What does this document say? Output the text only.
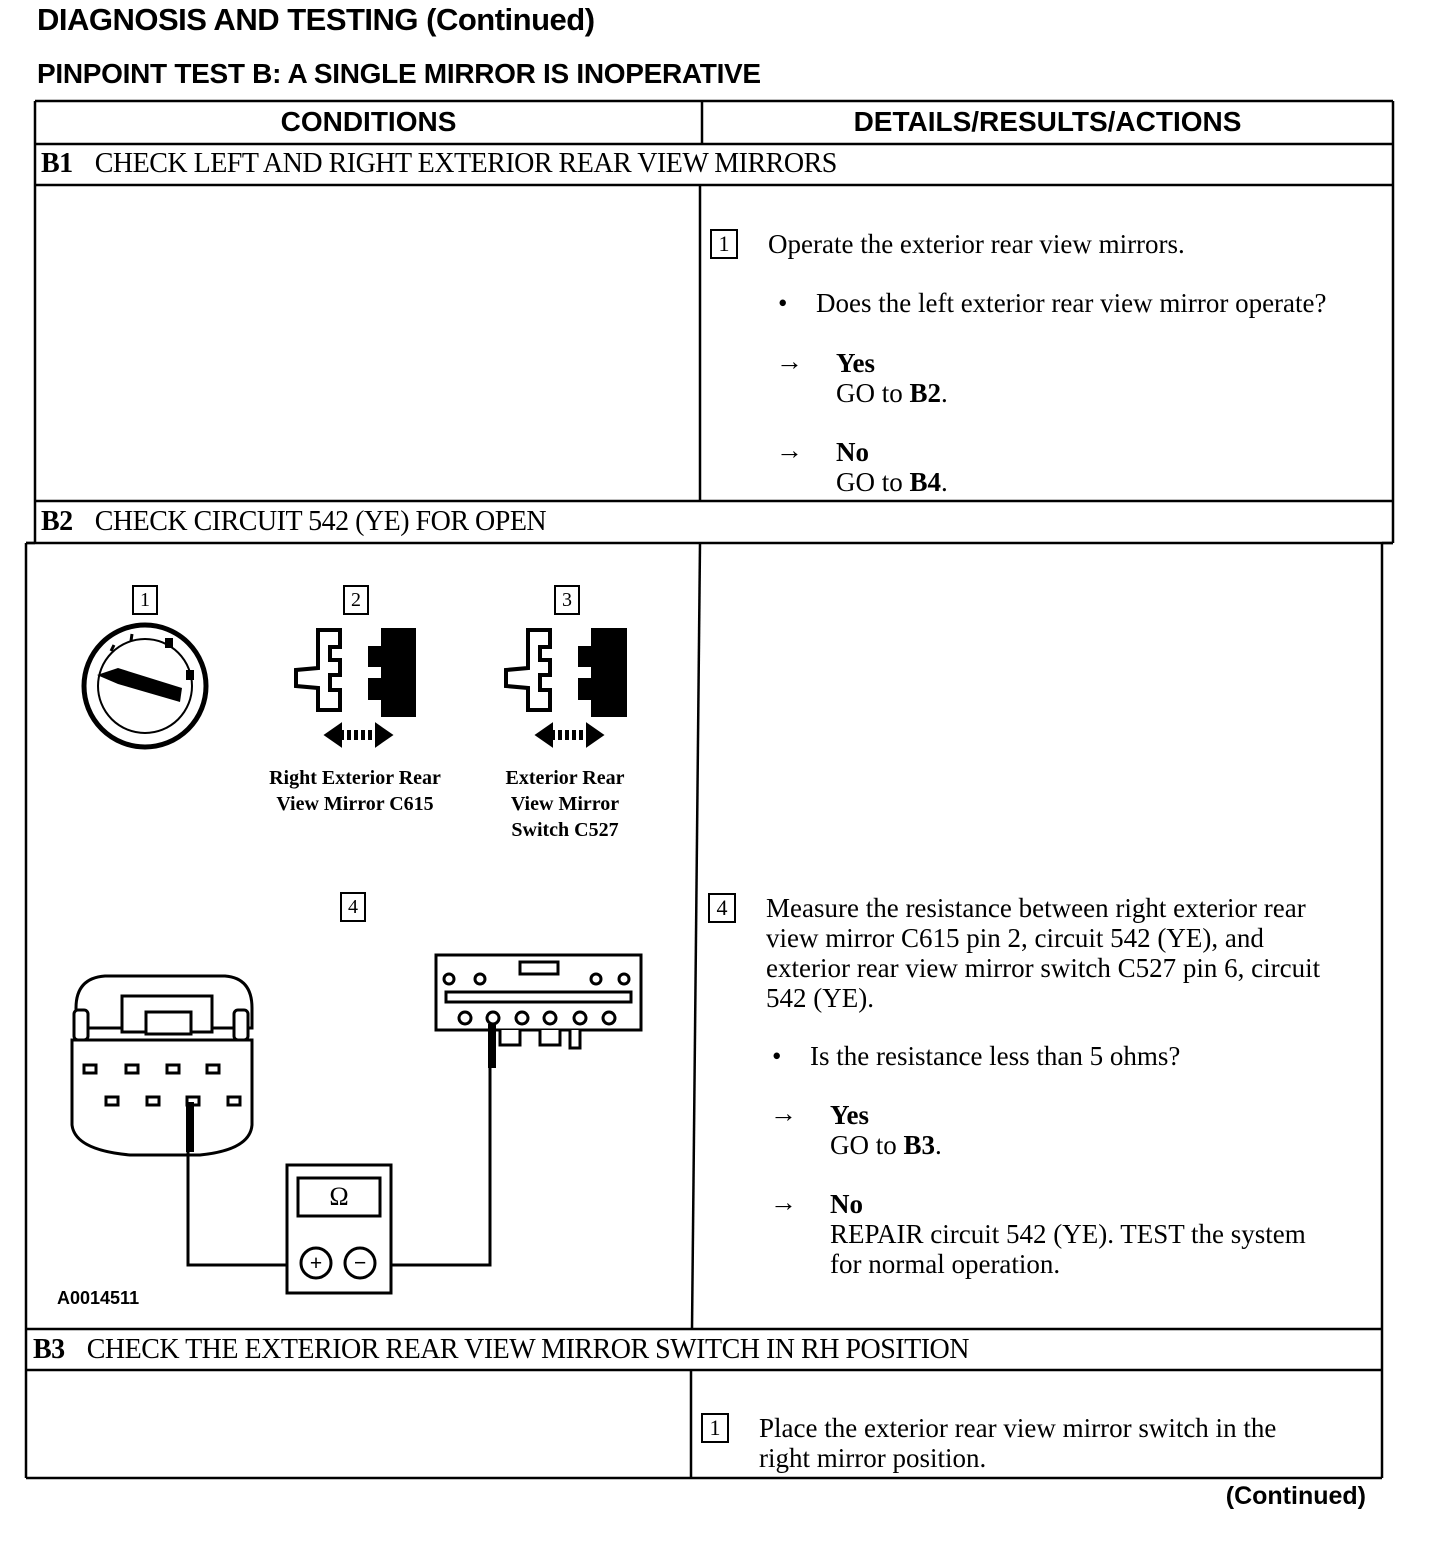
DIAGNOSIS AND TESTING (Continued)
PINPOINT TEST B: A SINGLE MIRROR IS INOPERATIVE
CONDITIONS	DETAILS/RESULTS/ACTIONS
B1 CHECK LEFT AND RIGHT EXTERIOR REAR VIEW MIRRORS
1	Operate the exterior rear view mirrors.
• Does the left exterior rear view mirror operate?
→ Yes
GO to B2.
→ No
GO to B4.
B2 CHECK CIRCUIT 542 (YE) FOR OPEN
1	2	3
4
Right Exterior Rear
View Mirror C615
Exterior Rear
View Mirror
Switch C527
Ω
+	−
A0014511
4	Measure the resistance between right exterior rear
view mirror C615 pin 2, circuit 542 (YE), and
exterior rear view mirror switch C527 pin 6, circuit
542 (YE).
• Is the resistance less than 5 ohms?
→ Yes
GO to B3.
→ No
REPAIR circuit 542 (YE). TEST the system
for normal operation.
B3 CHECK THE EXTERIOR REAR VIEW MIRROR SWITCH IN RH POSITION
1	Place the exterior rear view mirror switch in the
right mirror position.
(Continued)
